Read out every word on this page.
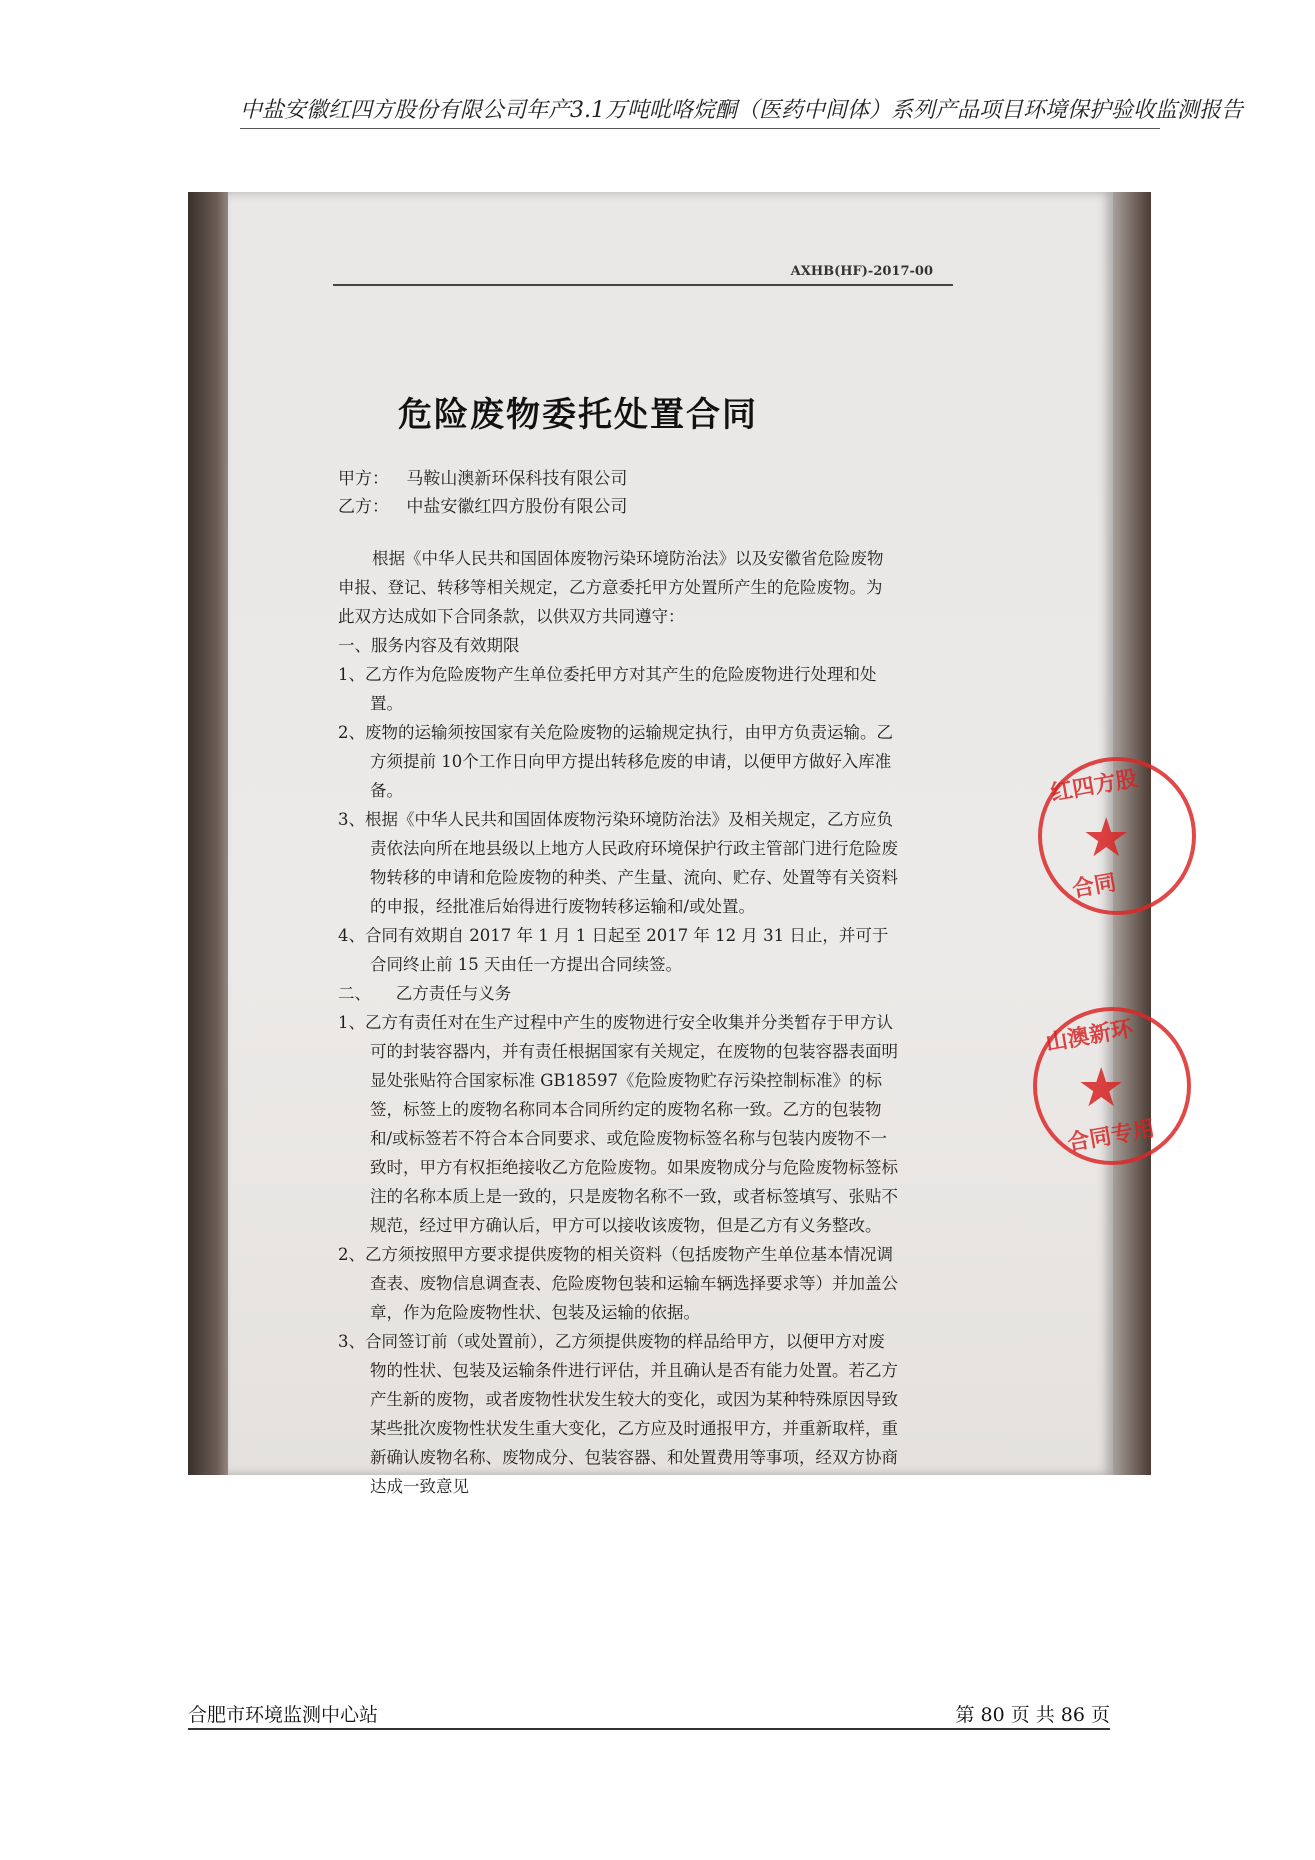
中盐安徽红四方股份有限公司年产3.1万吨吡咯烷酮（医药中间体）系列产品项目环境保护验收监测报告
AXHB(HF)-2017-00
危险废物委托处置合同
甲方： 马鞍山澳新环保科技有限公司
乙方： 中盐安徽红四方股份有限公司

根据《中华人民共和国固体废物污染环境防治法》以及安徽省危险废物申报、登记、转移等相关规定，乙方意委托甲方处置所产生的危险废物。为此双方达成如下合同条款，以供双方共同遵守：

一、服务内容及有效期限

1、乙方作为危险废物产生单位委托甲方对其产生的危险废物进行处理和处置。

2、废物的运输须按国家有关危险废物的运输规定执行，由甲方负责运输。乙方须提前 10个工作日向甲方提出转移危废的申请，以便甲方做好入库准备。

3、根据《中华人民共和国固体废物污染环境防治法》及相关规定，乙方应负责依法向所在地县级以上地方人民政府环境保护行政主管部门进行危险废物转移的申请和危险废物的种类、产生量、流向、贮存、处置等有关资料的申报，经批准后始得进行废物转移运输和/或处置。

4、合同有效期自 2017 年 1 月 1 日起至 2017 年 12 月 31 日止，并可于合同终止前 15 天由任一方提出合同续签。

二、　　乙方责任与义务

1、乙方有责任对在生产过程中产生的废物进行安全收集并分类暂存于甲方认可的封装容器内，并有责任根据国家有关规定，在废物的包装容器表面明显处张贴符合国家标准 GB18597《危险废物贮存污染控制标准》的标签，标签上的废物名称同本合同所约定的废物名称一致。乙方的包装物和/或标签若不符合本合同要求、或危险废物标签名称与包装内废物不一致时，甲方有权拒绝接收乙方危险废物。如果废物成分与危险废物标签标注的名称本质上是一致的，只是废物名称不一致，或者标签填写、张贴不规范，经过甲方确认后，甲方可以接收该废物，但是乙方有义务整改。

2、乙方须按照甲方要求提供废物的相关资料（包括废物产生单位基本情况调查表、废物信息调查表、危险废物包装和运输车辆选择要求等）并加盖公章，作为危险废物性状、包装及运输的依据。

3、合同签订前（或处置前），乙方须提供废物的样品给甲方，以便甲方对废物的性状、包装及运输条件进行评估，并且确认是否有能力处置。若乙方产生新的废物，或者废物性状发生较大的变化，或因为某种特殊原因导致某些批次废物性状发生重大变化，乙方应及时通报甲方，并重新取样，重新确认废物名称、废物成分、包装容器、和处置费用等事项，经双方协商达成一致意见

红四方股
★
合同
山澳新环
★
合同专用
合肥市环境监测中心站	第 80 页 共 86 页
